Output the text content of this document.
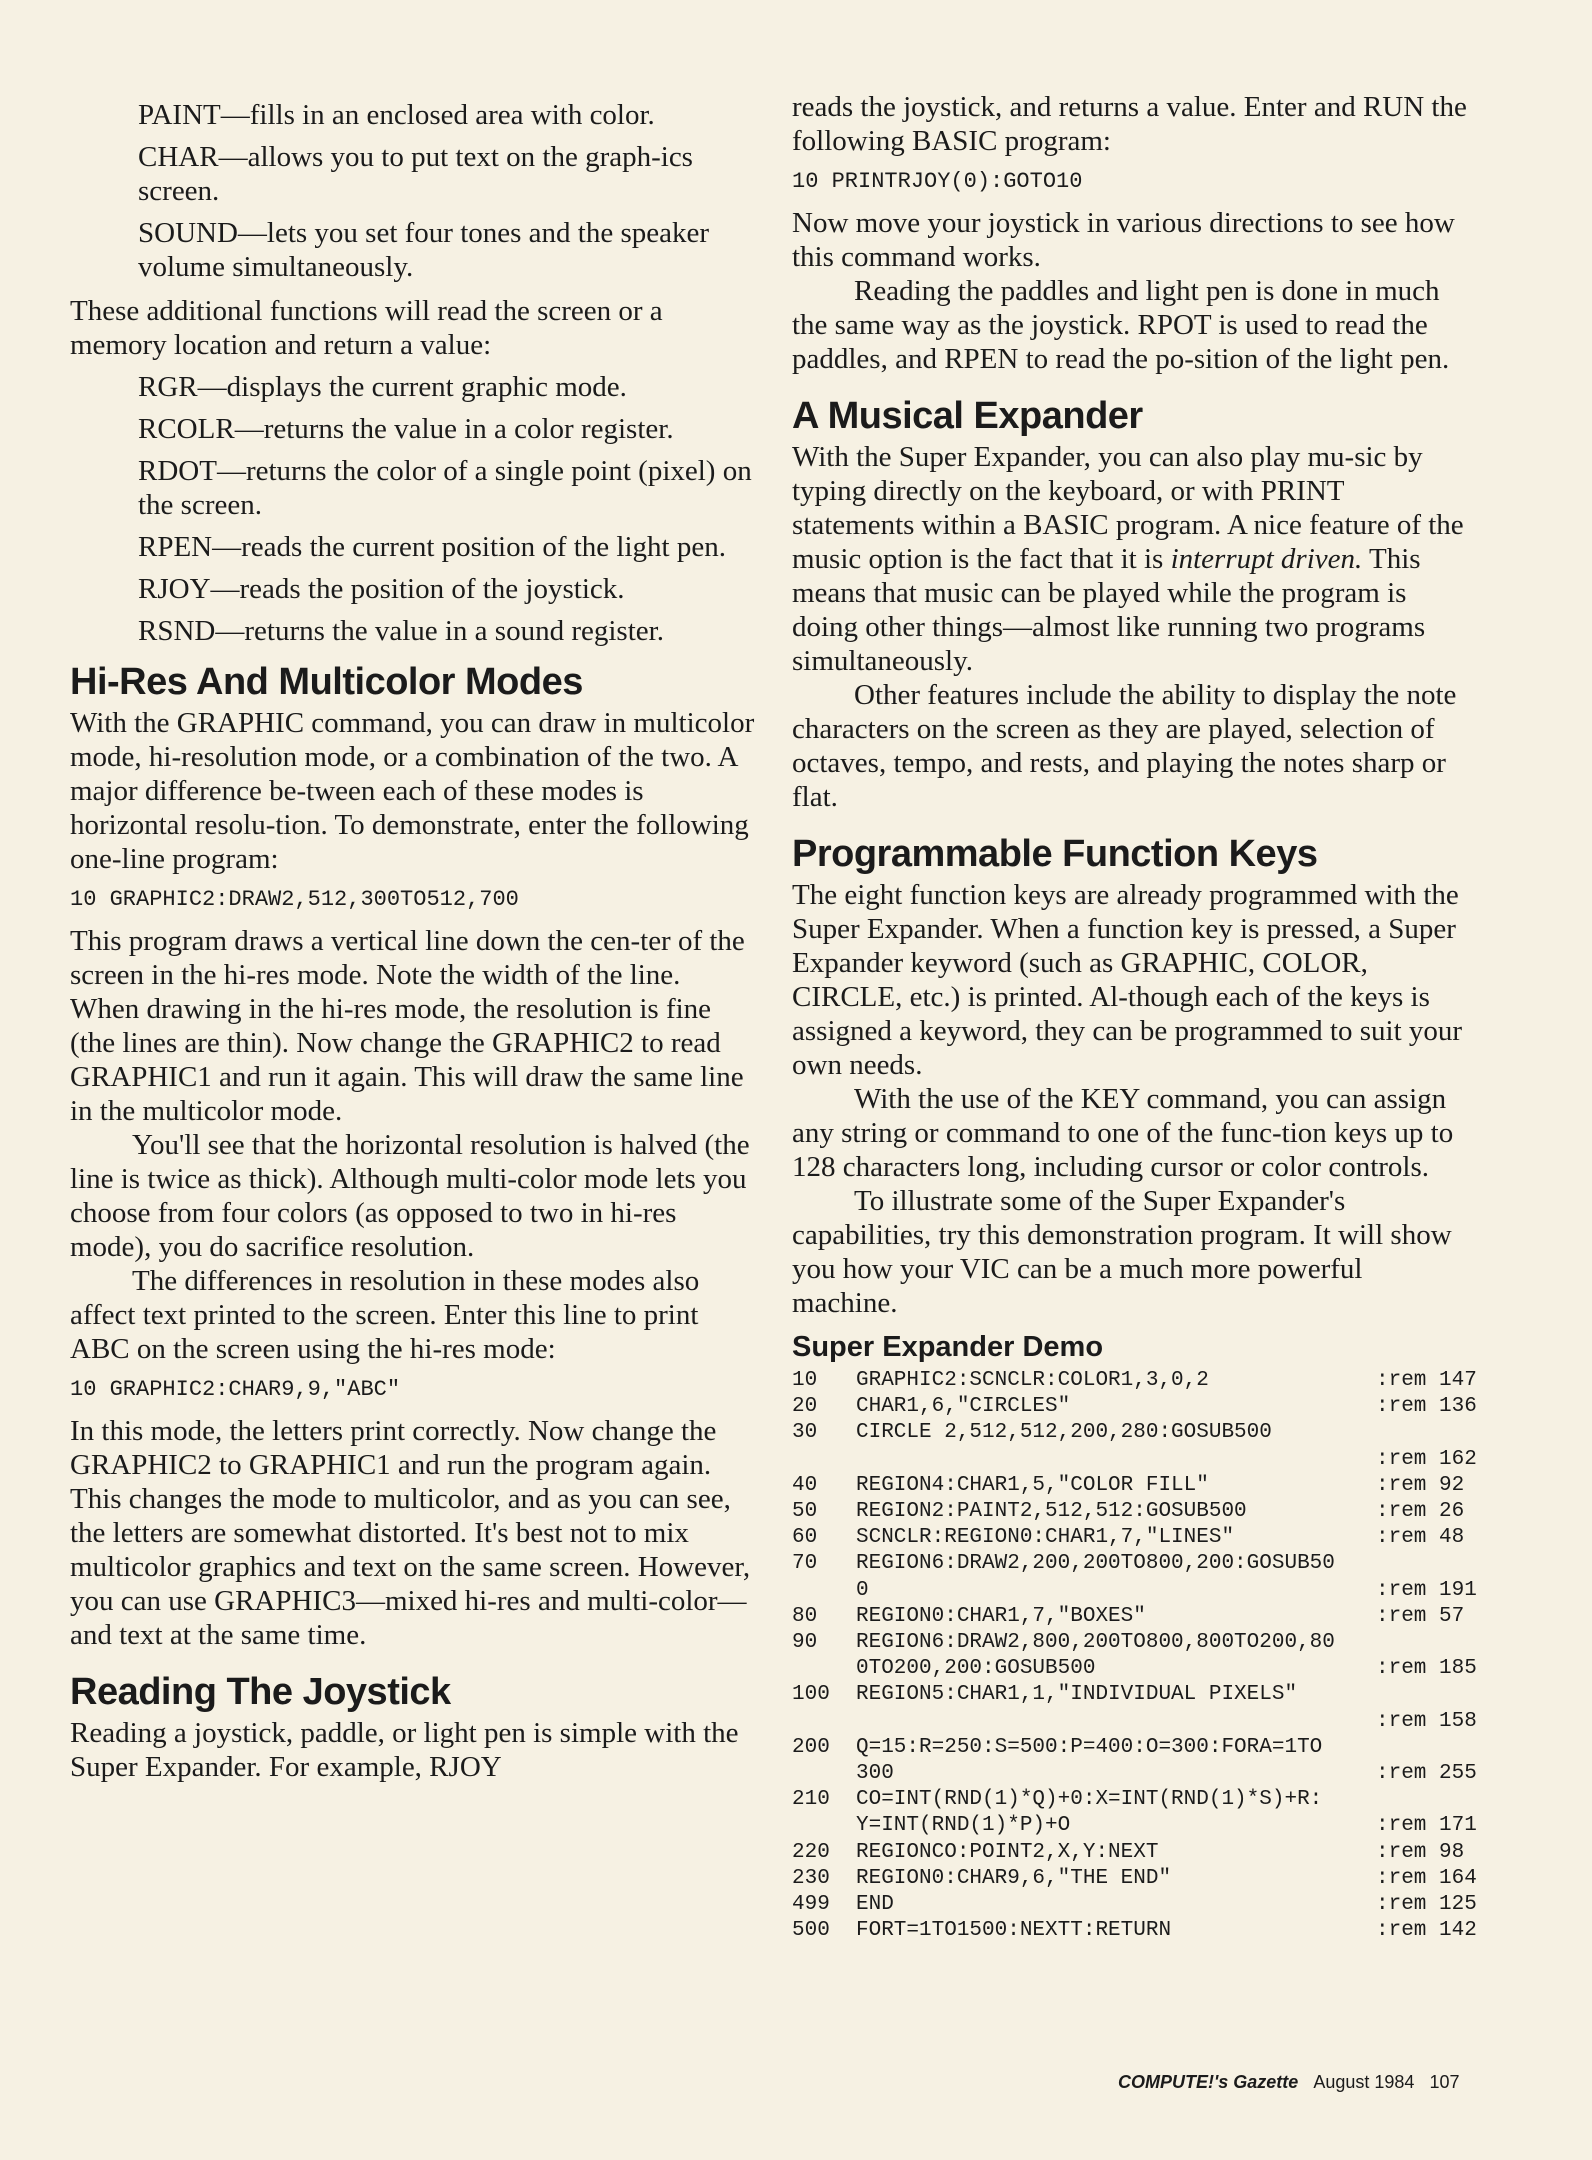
PAINT—fills in an enclosed area with color.

CHAR—allows you to put text on the graph-ics screen.

SOUND—lets you set four tones and the speaker volume simultaneously.

These additional functions will read the screen or a memory location and return a value:

RGR—displays the current graphic mode.

RCOLR—returns the value in a color register.

RDOT—returns the color of a single point (pixel) on the screen.

RPEN—reads the current position of the light pen.

RJOY—reads the position of the joystick.

RSND—returns the value in a sound register.

Hi-Res And Multicolor Modes

With the GRAPHIC command, you can draw in multicolor mode, hi-resolution mode, or a combination of the two. A major difference be-tween each of these modes is horizontal resolu-tion. To demonstrate, enter the following one-line program:

10 GRAPHIC2:DRAW2,512,300TO512,700

This program draws a vertical line down the cen-ter of the screen in the hi-res mode. Note the width of the line. When drawing in the hi-res mode, the resolution is fine (the lines are thin). Now change the GRAPHIC2 to read GRAPHIC1 and run it again. This will draw the same line in the multicolor mode.

You'll see that the horizontal resolution is halved (the line is twice as thick). Although multi-color mode lets you choose from four colors (as opposed to two in hi-res mode), you do sacrifice resolution.

The differences in resolution in these modes also affect text printed to the screen. Enter this line to print ABC on the screen using the hi-res mode:

10 GRAPHIC2:CHAR9,9,"ABC"

In this mode, the letters print correctly. Now change the GRAPHIC2 to GRAPHIC1 and run the program again. This changes the mode to multicolor, and as you can see, the letters are somewhat distorted. It's best not to mix multicolor graphics and text on the same screen. However, you can use GRAPHIC3—mixed hi-res and multi-color—and text at the same time.

Reading The Joystick

Reading a joystick, paddle, or light pen is simple with the Super Expander. For example, RJOY

reads the joystick, and returns a value. Enter and RUN the following BASIC program:

10 PRINTRJOY(0):GOTO10

Now move your joystick in various directions to see how this command works.

Reading the paddles and light pen is done in much the same way as the joystick. RPOT is used to read the paddles, and RPEN to read the po-sition of the light pen.

A Musical Expander

With the Super Expander, you can also play mu-sic by typing directly on the keyboard, or with PRINT statements within a BASIC program. A nice feature of the music option is the fact that it is interrupt driven. This means that music can be played while the program is doing other things—almost like running two programs simultaneously.

Other features include the ability to display the note characters on the screen as they are played, selection of octaves, tempo, and rests, and playing the notes sharp or flat.

Programmable Function Keys

The eight function keys are already programmed with the Super Expander. When a function key is pressed, a Super Expander keyword (such as GRAPHIC, COLOR, CIRCLE, etc.) is printed. Al-though each of the keys is assigned a keyword, they can be programmed to suit your own needs.

With the use of the KEY command, you can assign any string or command to one of the func-tion keys up to 128 characters long, including cursor or color controls.

To illustrate some of the Super Expander's capabilities, try this demonstration program. It will show you how your VIC can be a much more powerful machine.

Super Expander Demo
10	GRAPHIC2:SCNCLR:COLOR1,3,0,2	:rem 147
20	CHAR1,6,"CIRCLES"	:rem 136
30	CIRCLE 2,512,512,200,280:GOSUB500
:rem 162
40	REGION4:CHAR1,5,"COLOR FILL"	:rem 92
50	REGION2:PAINT2,512,512:GOSUB500	:rem 26
60	SCNCLR:REGION0:CHAR1,7,"LINES"	:rem 48
70	REGION6:DRAW2,200,200TO800,200:GOSUB50
0	:rem 191
80	REGION0:CHAR1,7,"BOXES"	:rem 57
90	REGION6:DRAW2,800,200TO800,800TO200,80
0TO200,200:GOSUB500	:rem 185
100	REGION5:CHAR1,1,"INDIVIDUAL PIXELS"
:rem 158
200	Q=15:R=250:S=500:P=400:O=300:FORA=1TO
300	:rem 255
210	CO=INT(RND(1)*Q)+0:X=INT(RND(1)*S)+R:
Y=INT(RND(1)*P)+O	:rem 171
220	REGIONCO:POINT2,X,Y:NEXT	:rem 98
230	REGION0:CHAR9,6,"THE END"	:rem 164
499	END	:rem 125
500	FORT=1TO1500:NEXTT:RETURN	:rem 142
COMPUTE!'s Gazette August 1984 107
